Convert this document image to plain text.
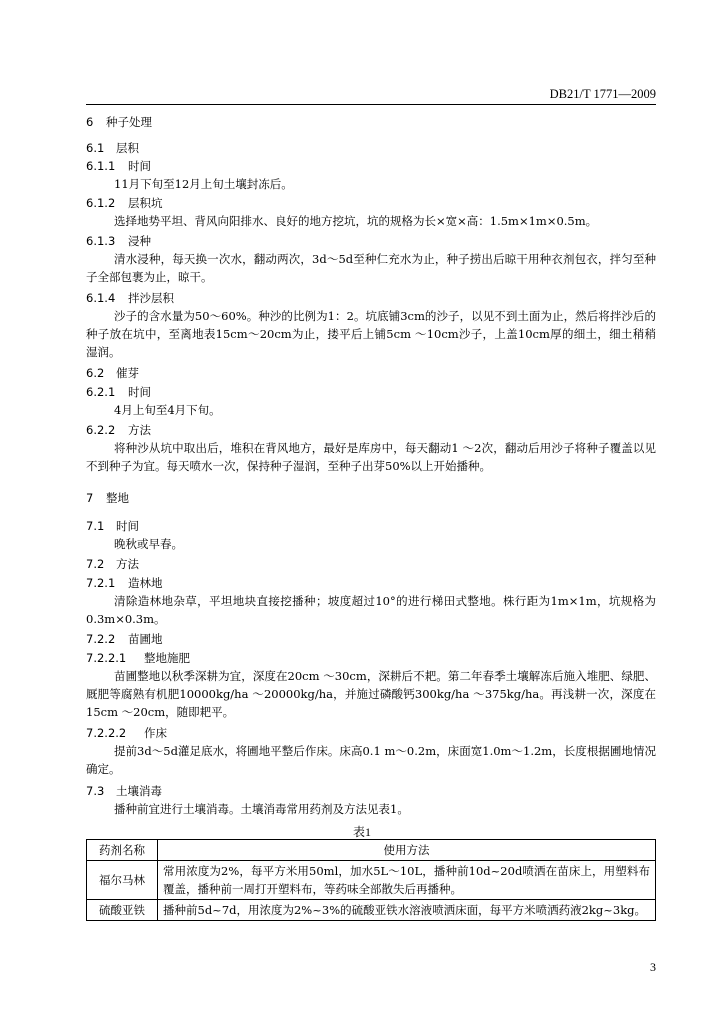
DB21/T 1771—2009
6 种子处理
6.1 层积
6.1.1 时间
11月下旬至12月上旬土壤封冻后。
6.1.2 层积坑
选择地势平坦、背风向阳排水、良好的地方挖坑，坑的规格为长×宽×高：1.5m×1m×0.5m。
6.1.3 浸种
清水浸种，每天换一次水，翻动两次，3d～5d至种仁充水为止，种子捞出后晾干用种衣剂包衣，拌匀至种子全部包裹为止，晾干。
6.1.4 拌沙层积
沙子的含水量为50～60%。种沙的比例为1：2。坑底铺3cm的沙子，以见不到土面为止，然后将拌沙后的种子放在坑中，至离地表15cm～20cm为止，搂平后上铺5cm ～10cm沙子，上盖10cm厚的细土，细土稍稍湿润。
6.2 催芽
6.2.1 时间
4月上旬至4月下旬。
6.2.2 方法
将种沙从坑中取出后，堆积在背风地方，最好是库房中，每天翻动1 ～2次，翻动后用沙子将种子覆盖以见不到种子为宜。每天喷水一次，保持种子湿润，至种子出芽50%以上开始播种。
7 整地
7.1 时间
晚秋或早春。
7.2 方法
7.2.1 造林地
清除造林地杂草，平坦地块直接挖播种；坡度超过10°的进行梯田式整地。株行距为1m×1m，坑规格为0.3m×0.3m。
7.2.2 苗圃地
7.2.2.1 整地施肥
苗圃整地以秋季深耕为宜，深度在20cm ～30cm，深耕后不耙。第二年春季土壤解冻后施入堆肥、绿肥、厩肥等腐熟有机肥10000kg/ha ～20000kg/ha，并施过磷酸钙300kg/ha ～375kg/ha。再浅耕一次，深度在15cm ～20cm，随即耙平。
7.2.2.2 作床
提前3d～5d灌足底水，将圃地平整后作床。床高0.1 m～0.2m，床面宽1.0m～1.2m，长度根据圃地情况确定。
7.3 土壤消毒
播种前宜进行土壤消毒。土壤消毒常用药剂及方法见表1。
表1
药剂名称	使用方法
福尔马林	常用浓度为2%，每平方米用50ml，加水5L～10L，播种前10d~20d喷洒在苗床上，用塑料布覆盖，播种前一周打开塑料布，等药味全部散失后再播种。
硫酸亚铁	播种前5d~7d，用浓度为2%~3%的硫酸亚铁水溶液喷洒床面，每平方米喷洒药液2kg~3kg。
3
